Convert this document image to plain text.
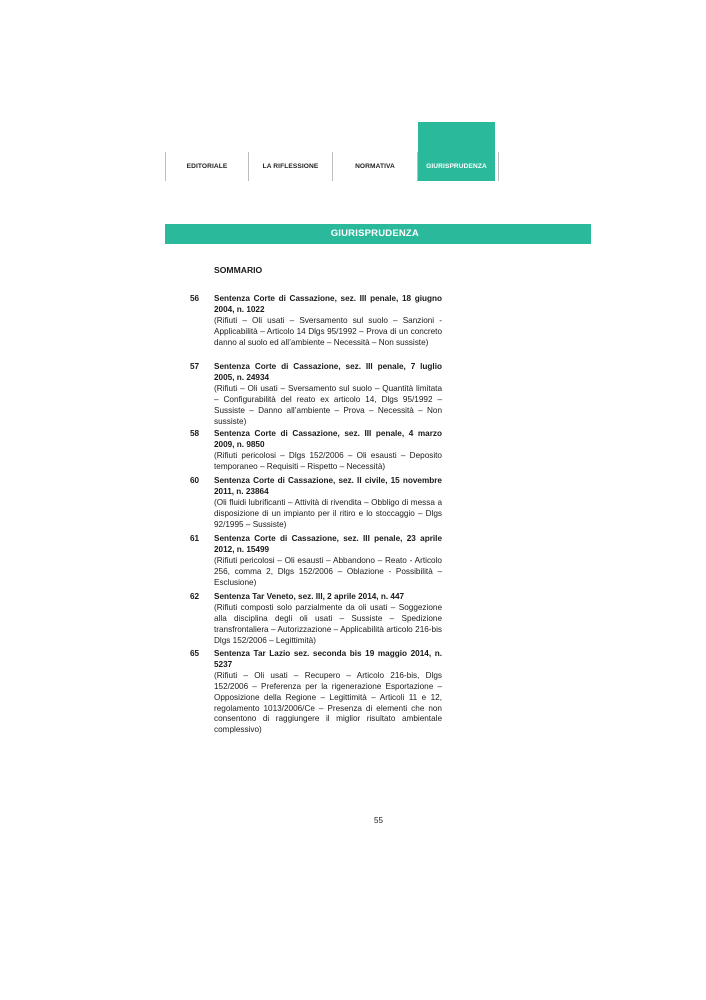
EDITORIALE	LA RIFLESSIONE	NORMATIVA	GIURISPRUDENZA
GIURISPRUDENZA
SOMMARIO
56 Sentenza Corte di Cassazione, sez. III penale, 18 giugno 2004, n. 1022
(Rifiuti – Oli usati – Sversamento sul suolo – Sanzioni - Applicabilità – Articolo 14 Dlgs 95/1992 – Prova di un concreto danno al suolo ed all’ambiente – Necessità – Non sussiste)
57 Sentenza Corte di Cassazione, sez. III penale, 7 luglio 2005, n. 24934
(Rifiuti – Oli usati – Sversamento sul suolo – Quantità limitata – Configurabilità del reato ex articolo 14, Dlgs 95/1992 – Sussiste – Danno all’ambiente – Prova – Necessità – Non sussiste)
58 Sentenza Corte di Cassazione, sez. III penale, 4 marzo 2009, n. 9850
(Rifiuti pericolosi – Dlgs 152/2006 – Oli esausti – Deposito temporaneo – Requisiti – Rispetto – Necessità)
60 Sentenza Corte di Cassazione, sez. II civile, 15 novembre 2011, n. 23864
(Oli fluidi lubrificanti – Attività di rivendita – Obbligo di messa a disposizione di un impianto per il ritiro e lo stoccaggio – Dlgs 92/1995 – Sussiste)
61 Sentenza Corte di Cassazione, sez. III penale, 23 aprile 2012, n. 15499
(Rifiuti pericolosi – Oli esausti – Abbandono – Reato - Articolo 256, comma 2, Dlgs 152/2006 – Oblazione - Possibilità – Esclusione)
62 Sentenza Tar Veneto, sez. III, 2 aprile 2014, n. 447
(Rifiuti composti solo parzialmente da oli usati – Soggezione alla disciplina degli oli usati – Sussiste – Spedizione transfrontaliera – Autorizzazione – Applicabilità articolo 216-bis Dlgs 152/2006 – Legittimità)
65 Sentenza Tar Lazio sez. seconda bis 19 maggio 2014, n. 5237
(Rifiuti – Oli usati – Recupero – Articolo 216-bis, Dlgs 152/2006 – Preferenza per la rigenerazione Esportazione – Opposizione della Regione – Legittimità – Articoli 11 e 12, regolamento 1013/2006/Ce – Presenza di elementi che non consentono di raggiungere il miglior risultato ambientale complessivo)
55
